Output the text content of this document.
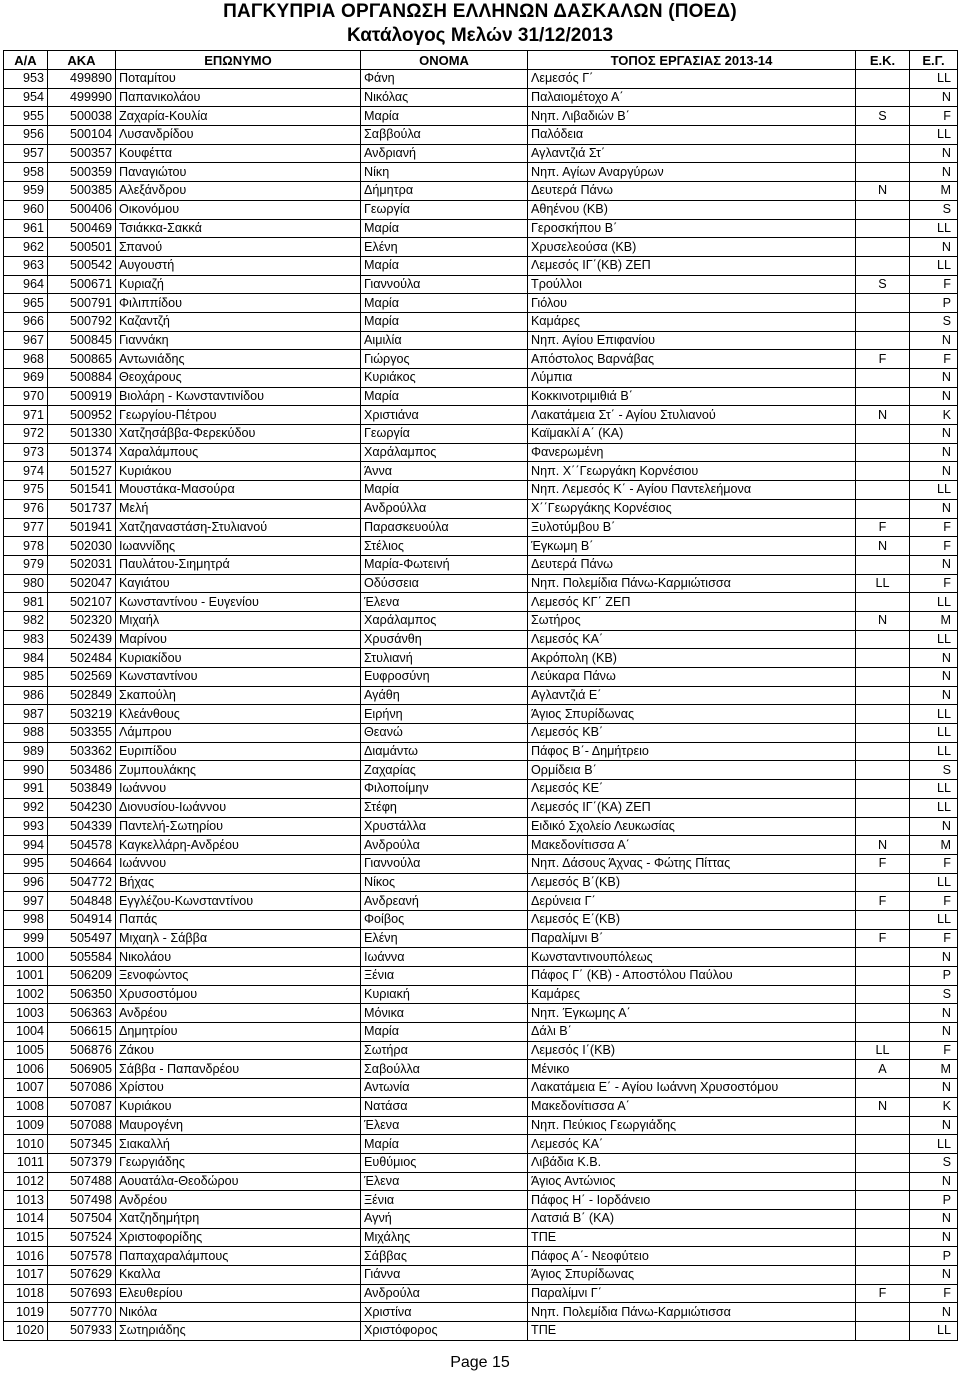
ΠΑΓΚΥΠΡΙΑ ΟΡΓΑΝΩΣΗ ΕΛΛΗΝΩΝ ΔΑΣΚΑΛΩΝ (ΠΟΕΔ)
Κατάλογος Μελών 31/12/2013
Α/Α	ΑΚΑ	ΕΠΩΝΥΜΟ	ΟΝΟΜΑ	ΤΟΠΟΣ ΕΡΓΑΣΙΑΣ 2013-14	Ε.Κ.	Ε.Γ.
953	499890	Ποταμίτου	Φάνη	Λεμεσός Γ΄		LL
954	499990	Παπανικολάου	Νικόλας	Παλαιομέτοχο Α΄		N
955	500038	Ζαχαρία-Κουλία	Μαρία	Νηπ. Λιβαδιών Β΄	S	F
956	500104	Λυσανδρίδου	Σαββούλα	Παλόδεια		LL
957	500357	Κουφέττα	Ανδριανή	Αγλαντζιά Στ΄		N
958	500359	Παναγιώτου	Νίκη	Νηπ. Αγίων Αναργύρων		N
959	500385	Αλεξάνδρου	Δήμητρα	Δευτερά Πάνω	N	M
960	500406	Οικονόμου	Γεωργία	Αθηένου (ΚΒ)		S
961	500469	Τσιάκκα-Σακκά	Μαρία	Γεροσκήπου Β΄		LL
962	500501	Σπανού	Ελένη	Χρυσελεούσα (ΚΒ)		N
963	500542	Αυγουστή	Μαρία	Λεμεσός ΙΓ΄(ΚΒ) ΖΕΠ		LL
964	500671	Κυριαζή	Γιαννούλα	Τρούλλοι	S	F
965	500791	Φιλιππίδου	Μαρία	Γιόλου		P
966	500792	Καζαντζή	Μαρία	Καμάρες		S
967	500845	Γιαννάκη	Αιμιλία	Νηπ. Αγίου Επιφανίου		N
968	500865	Αντωνιάδης	Γιώργος	Απόστολος Βαρνάβας	F	F
969	500884	Θεοχάρους	Κυριάκος	Λύμπια		N
970	500919	Βιολάρη - Κωνσταντινίδου	Μαρία	Κοκκινοτριμιθιά Β΄		N
971	500952	Γεωργίου-Πέτρου	Χριστιάνα	Λακατάμεια Στ΄ - Αγίου Στυλιανού	N	K
972	501330	Χατζησάββα-Φερεκύδου	Γεωργία	Καϊμακλί Α΄ (ΚΑ)		N
973	501374	Χαραλάμπους	Χαράλαμπος	Φανερωμένη		N
974	501527	Κυριάκου	Άννα	Νηπ. Χ΄΄Γεωργάκη Κορνέσιου		N
975	501541	Μουστάκα-Μασούρα	Μαρία	Νηπ. Λεμεσός Κ΄ - Αγίου Παντελεήμονα		LL
976	501737	Μελή	Ανδρούλλα	Χ΄΄Γεωργάκης Κορνέσιος		N
977	501941	Χατζηαναστάση-Στυλιανού	Παρασκευούλα	Ξυλοτύμβου Β΄	F	F
978	502030	Ιωαννίδης	Στέλιος	Έγκωμη Β΄	N	F
979	502031	Παυλάτου-Σιημητρά	Μαρία-Φωτεινή	Δευτερά Πάνω		N
980	502047	Καγιάτου	Οδύσσεια	Νηπ. Πολεμίδια Πάνω-Καρμιώτισσα	LL	F
981	502107	Κωνσταντίνου - Ευγενίου	Έλενα	Λεμεσός ΚΓ΄ ΖΕΠ		LL
982	502320	Μιχαήλ	Χαράλαμπος	Σωτήρος	N	M
983	502439	Μαρίνου	Χρυσάνθη	Λεμεσός ΚΑ΄		LL
984	502484	Κυριακίδου	Στυλιανή	Ακρόπολη (ΚΒ)		N
985	502569	Κωνσταντίνου	Ευφροσύνη	Λεύκαρα Πάνω		N
986	502849	Σκαπούλη	Αγάθη	Αγλαντζιά Ε΄		N
987	503219	Κλεάνθους	Ειρήνη	Άγιος Σπυρίδωνας		LL
988	503355	Λάμπρου	Θεανώ	Λεμεσός ΚΒ΄		LL
989	503362	Ευριπίδου	Διαμάντω	Πάφος Β΄- Δημήτρειο		LL
990	503486	Ζυμπουλάκης	Ζαχαρίας	Ορμίδεια Β΄		S
991	503849	Ιωάννου	Φιλοποίμην	Λεμεσός ΚΕ΄		LL
992	504230	Διονυσίου-Ιωάννου	Στέφη	Λεμεσός ΙΓ΄(ΚΑ) ΖΕΠ		LL
993	504339	Παντελή-Σωτηρίου	Χρυστάλλα	Ειδικό Σχολείο Λευκωσίας		N
994	504578	Καγκελλάρη-Ανδρέου	Ανδρούλα	Μακεδονίτισσα Α΄	N	M
995	504664	Ιωάννου	Γιαννούλα	Νηπ. Δάσους Άχνας - Φώτης Πίττας	F	F
996	504772	Βήχας	Νίκος	Λεμεσός Β΄(ΚΒ)		LL
997	504848	Εγγλέζου-Κωνσταντίνου	Ανδρεανή	Δερύνεια Γ΄	F	F
998	504914	Παπάς	Φοίβος	Λεμεσός Ε΄(ΚΒ)		LL
999	505497	Μιχαηλ - Σάββα	Ελένη	Παραλίμνι Β΄	F	F
1000	505584	Νικολάου	Ιωάννα	Κωνσταντινουπόλεως		N
1001	506209	Ξενοφώντος	Ξένια	Πάφος Γ΄ (ΚΒ) - Αποστόλου Παύλου		P
1002	506350	Χρυσοστόμου	Κυριακή	Καμάρες		S
1003	506363	Ανδρέου	Μόνικα	Νηπ. Έγκωμης Α΄		N
1004	506615	Δημητρίου	Μαρία	Δάλι Β΄		N
1005	506876	Ζάκου	Σωτήρα	Λεμεσός Ι΄(ΚΒ)	LL	F
1006	506905	Σάββα - Παπανδρέου	Σαβούλλα	Μένικο	A	M
1007	507086	Χρίστου	Αντωνία	Λακατάμεια Ε΄ - Αγίου Ιωάννη Χρυσοστόμου		N
1008	507087	Κυριάκου	Νατάσα	Μακεδονίτισσα Α΄	N	K
1009	507088	Μαυρογένη	Έλενα	Νηπ. Πεύκιος Γεωργιάδης		N
1010	507345	Σιακαλλή	Μαρία	Λεμεσός ΚΑ΄		LL
1011	507379	Γεωργιάδης	Ευθύμιος	Λιβάδια Κ.Β.		S
1012	507488	Αουατάλα-Θεοδώρου	Έλενα	Άγιος Αντώνιος		N
1013	507498	Ανδρέου	Ξένια	Πάφος Η΄ - Ιορδάνειο		P
1014	507504	Χατζηδημήτρη	Αγνή	Λατσιά Β΄ (ΚΑ)		N
1015	507524	Χριστοφορίδης	Μιχάλης	ΤΠΕ		N
1016	507578	Παπαχαραλάμπους	Σάββας	Πάφος Α΄- Νεοφύτειο		P
1017	507629	Κκαλλα	Γιάννα	Άγιος Σπυρίδωνας		N
1018	507693	Ελευθερίου	Ανδρούλα	Παραλίμνι Γ΄	F	F
1019	507770	Νικόλα	Χριστίνα	Νηπ. Πολεμίδια Πάνω-Καρμιώτισσα		N
1020	507933	Σωτηριάδης	Χριστόφορος	ΤΠΕ		LL
Page 15
